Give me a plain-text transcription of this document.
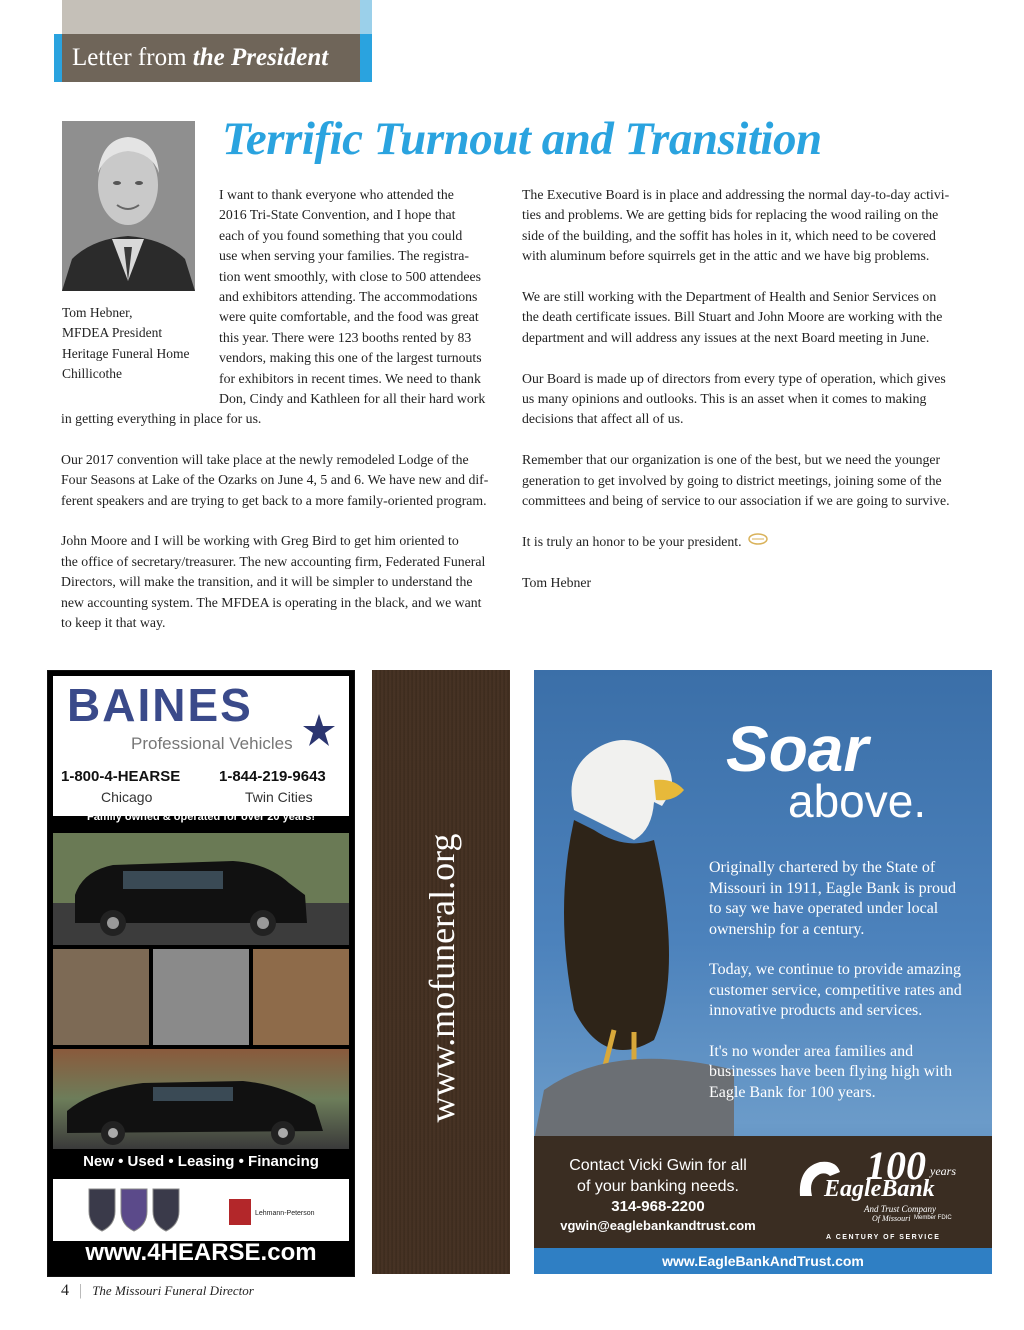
Letter from the President
Terrific Turnout and Transition
Tom Hebner,
MFDEA President
Heritage Funeral Home
Chillicothe
I want to thank everyone who attended the
2016 Tri-State Convention, and I hope that
each of you found something that you could
use when serving your families. The registra-
tion went smoothly, with close to 500 attendees
and exhibitors attending. The accommodations
were quite comfortable, and the food was great
this year. There were 123 booths rented by 83
vendors, making this one of the largest turnouts
for exhibitors in recent times. We need to thank
Don, Cindy and Kathleen for all their hard work
in getting everything in place for us.
Our 2017 convention will take place at the newly remodeled Lodge of the
Four Seasons at Lake of the Ozarks on June 4, 5 and 6. We have new and dif-
ferent speakers and are trying to get back to a more family-oriented program.
John Moore and I will be working with Greg Bird to get him oriented to
the office of secretary/treasurer. The new accounting firm, Federated Funeral
Directors, will make the transition, and it will be simpler to understand the
new accounting system. The MFDEA is operating in the black, and we want
to keep it that way.
The Executive Board is in place and addressing the normal day-to-day activi-
ties and problems. We are getting bids for replacing the wood railing on the
side of the building, and the soffit has holes in it, which need to be covered
with aluminum before squirrels get in the attic and we have big problems.
We are still working with the Department of Health and Senior Services on
the death certificate issues. Bill Stuart and John Moore are working with the
department and will address any issues at the next Board meeting in June.
Our Board is made up of directors from every type of operation, which gives
us many opinions and outlooks. This is an asset when it comes to making
decisions that affect all of us.
Remember that our organization is one of the best, but we need the younger
generation to get involved by going to district meetings, joining some of the
committees and being of service to our association if we are going to survive.
It is truly an honor to be your president.
Tom Hebner
BAINES
Professional Vehicles
1-800-4-HEARSE	1-844-219-9643
Chicago	Twin Cities
Family owned & operated for over 20 years!
New • Used • Leasing • Financing
Lehmann-Peterson
www.4HEARSE.com
www.mofuneral.org
Soar
above.
Originally chartered by the State of
Missouri in 1911, Eagle Bank is proud
to say we have operated under local
ownership for a century.
Today, we continue to provide amazing
customer service, competitive rates and
innovative products and services.
It's no wonder area families and
businesses have been flying high with
Eagle Bank for 100 years.
Contact Vicki Gwin for all
of your banking needs.
314-968-2200
vgwin@eaglebankandtrust.com
100 years
EagleBank
And Trust Company
Of Missouri Member FDIC
A CENTURY OF SERVICE
www.EagleBankAndTrust.com
4 | The Missouri Funeral Director
